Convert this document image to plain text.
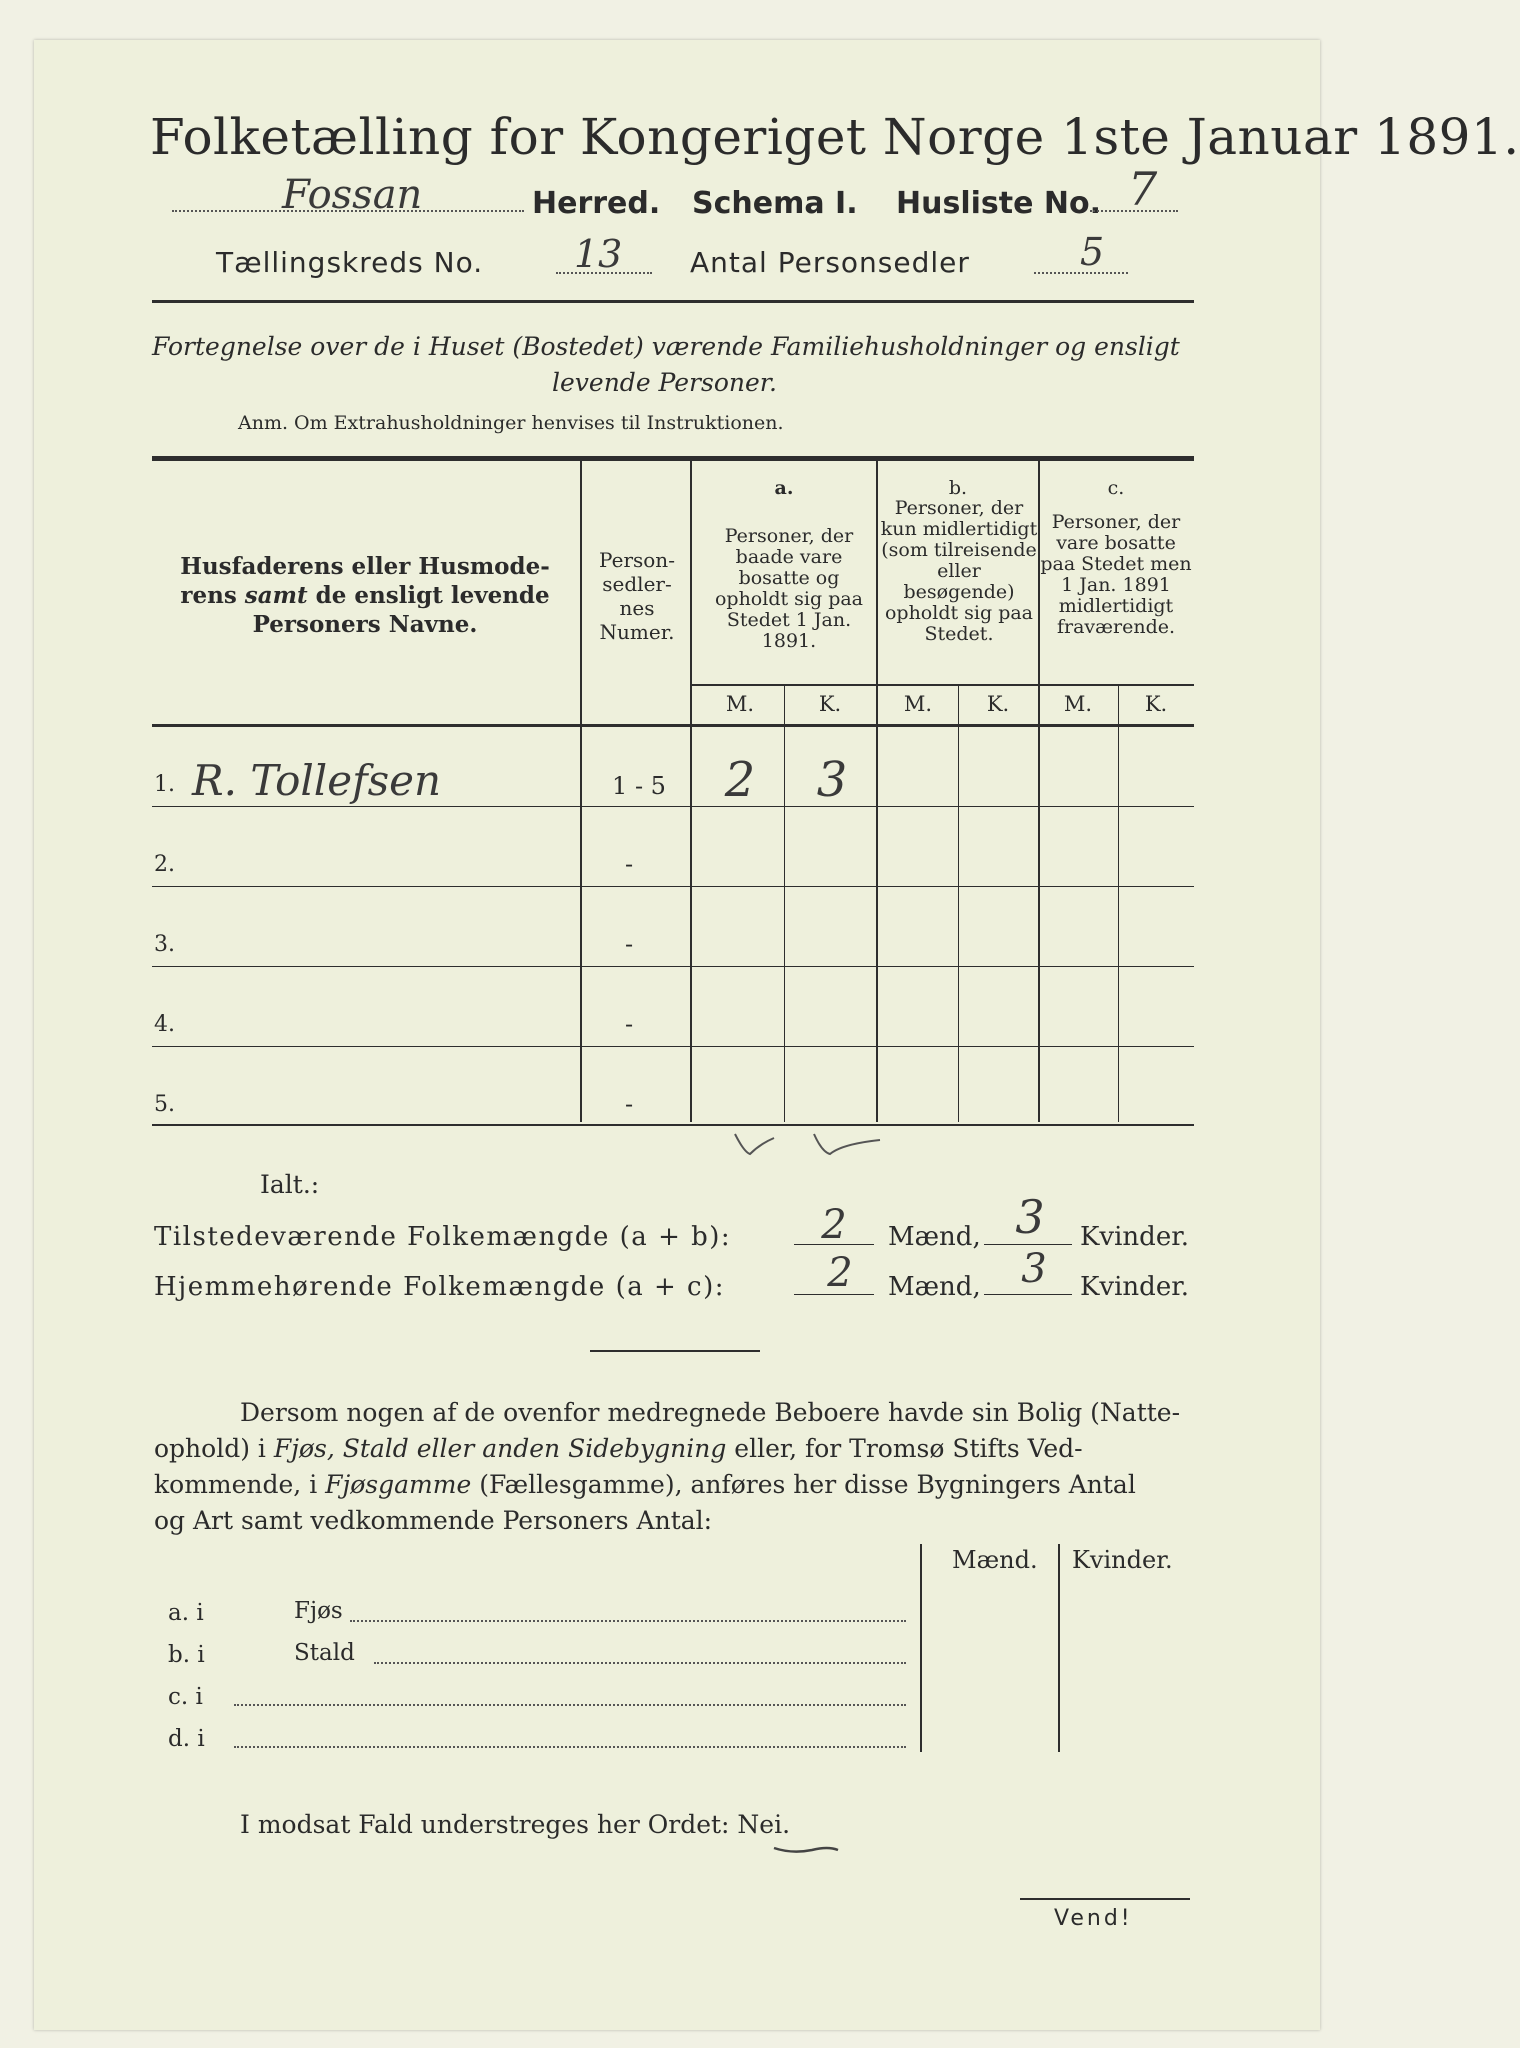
Folketælling for Kongeriget Norge 1ste Januar 1891.
Fossan	Herred. Schema I. Husliste No. 7
Tællingskreds No. 13 Antal Personsedler	5
Fortegnelse over de i Huset (Bostedet) værende Familiehusholdninger og ensligt
levende Personer.
Anm. Om Extrahusholdninger henvises til Instruktionen.
Husfaderens eller Husmode-
rens samt de ensligt levende
Personers Navne.
Person-
sedler-
nes
Numer.
a.
Personer, der baade vare bosatte og opholdt sig paa Stedet 1 Jan. 1891.
b.
Personer, der kun midlertidigt (som tilreisende eller besøgende) opholdt sig paa Stedet.
c.
Personer, der vare bosatte paa Stedet men 1 Jan. 1891 midlertidigt fraværende.
M.	K.	M.	K.	M.	K.
1. R. Tollefsen	1 - 5	2	3
2.	-
3.	-
4.	-
5.	-
Ialt.:
Tilstedeværende Folkemængde (a + b):	2	Mænd, 3	Kvinder.
Hjemmehørende Folkemængde (a + c):	2	Mænd,	3	Kvinder.
Dersom nogen af de ovenfor medregnede Beboere havde sin Bolig (Natte-
ophold) i Fjøs, Stald eller anden Sidebygning eller, for Tromsø Stifts Ved-
kommende, i Fjøsgamme (Fællesgamme), anføres her disse Bygningers Antal
og Art samt vedkommende Personers Antal:
Mænd. Kvinder.
a. i	Fjøs
b. i	Stald
c. i
d. i
I modsat Fald understreges her Ordet: Nei.
Vend!
